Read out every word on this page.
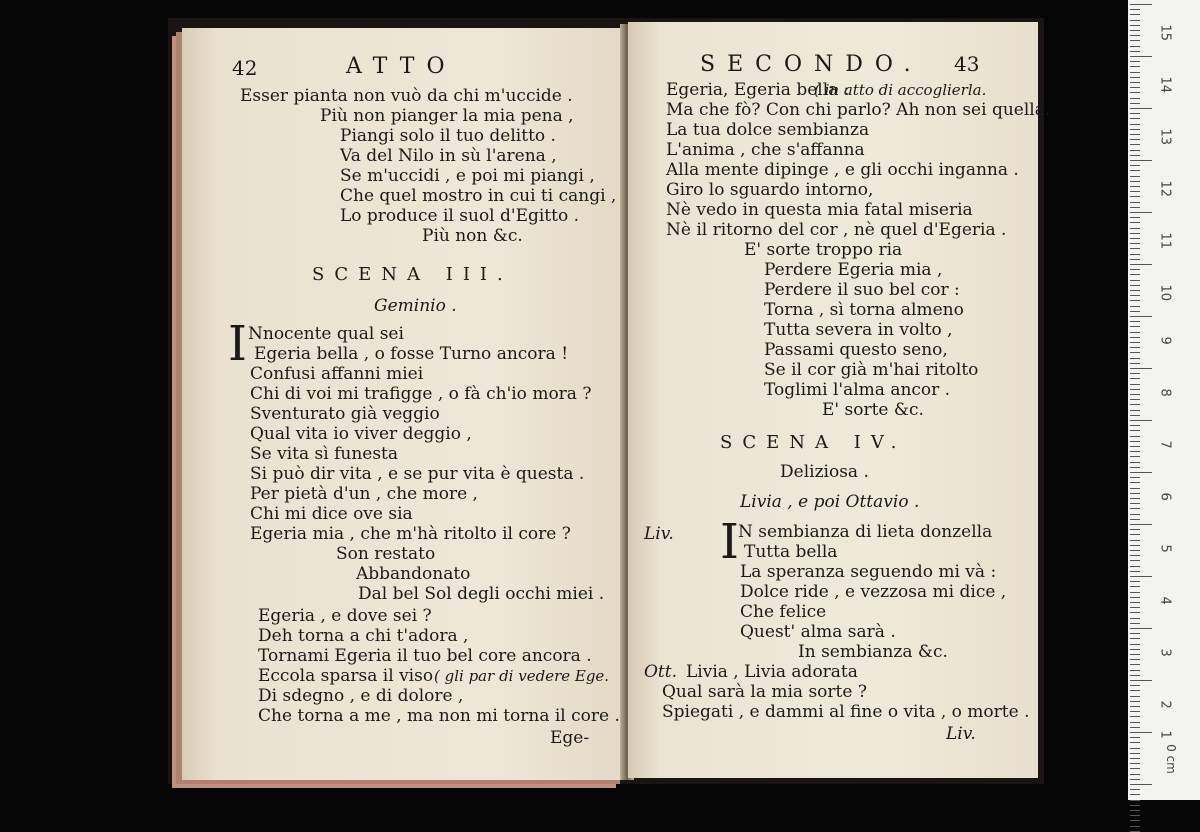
42	ATTO
Esser pianta non vuò da chi m'uccide .
Più non pianger la mia pena ,
Piangi solo il tuo delitto .
Va del Nilo in sù l'arena ,
Se m'uccidi , e poi mi piangi ,
Che quel mostro in cui ti cangi ,
Lo produce il suol d'Egitto .
Più non &c.
SCENA III.
Geminio .
I Nnocente qual sei
Egeria bella , o fosse Turno ancora !
Confusi affanni miei
Chi di voi mi trafigge , o fà ch'io mora ?
Sventurato già veggio
Qual vita io viver deggio ,
Se vita sì funesta
Si può dir vita , e se pur vita è questa .
Per pietà d'un , che more ,
Chi mi dice ove sia
Egeria mia , che m'hà ritolto il core ?
Son restato
Abbandonato
Dal bel Sol degli occhi miei .
Egeria , e dove sei ?
Deh torna a chi t'adora ,
Tornami Egeria il tuo bel core ancora .
Eccola sparsa il viso
Di sdegno , e di dolore ,
Che torna a me , ma non mi torna il core .
( gli par di vedere Ege.
Ege-
SECONDO. 43
Egeria, Egeria bella :
( in atto di accoglierla.
Ma che fò? Con chi parlo? Ah non sei quella.
La tua dolce sembianza
L'anima , che s'affanna
Alla mente dipinge , e gli occhi inganna .
Giro lo sguardo intorno,
Nè vedo in questa mia fatal miseria
Nè il ritorno del cor , nè quel d'Egeria .
E' sorte troppo ria
Perdere Egeria mia ,
Perdere il suo bel cor :
Torna , sì torna almeno
Tutta severa in volto ,
Passami questo seno,
Se il cor già m'hai ritolto
Toglimi l'alma ancor .
E' sorte &c.
SCENA IV.
Deliziosa .
Livia , e poi Ottavio .
Liv. I N sembianza di lieta donzella
Tutta bella
La speranza seguendo mi và :
Dolce ride , e vezzosa mi dice ,
Che felice
Quest' alma sarà .
In sembianza &c.
Ott. Livia , Livia adorata
Qual sarà la mia sorte ?
Spiegati , e dammi al fine o vita , o morte .
Liv.
15
14
13
12
11
10
9
8
7
6
5
4
3
2
1
0 cm
